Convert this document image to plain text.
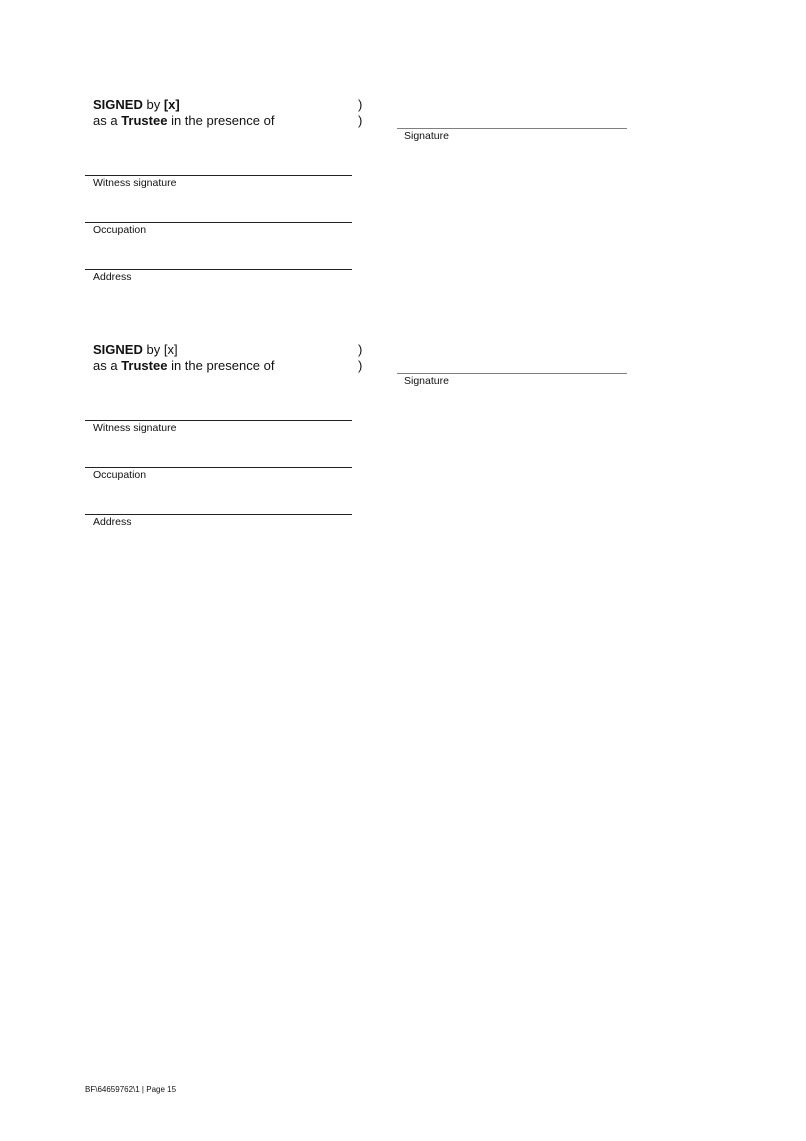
SIGNED by [x]
as a Trustee in the presence of
)
)
Signature
Witness signature
Occupation
Address
SIGNED by [x]
as a Trustee in the presence of
)
)
Signature
Witness signature
Occupation
Address
BF\64659762\1 | Page 15
